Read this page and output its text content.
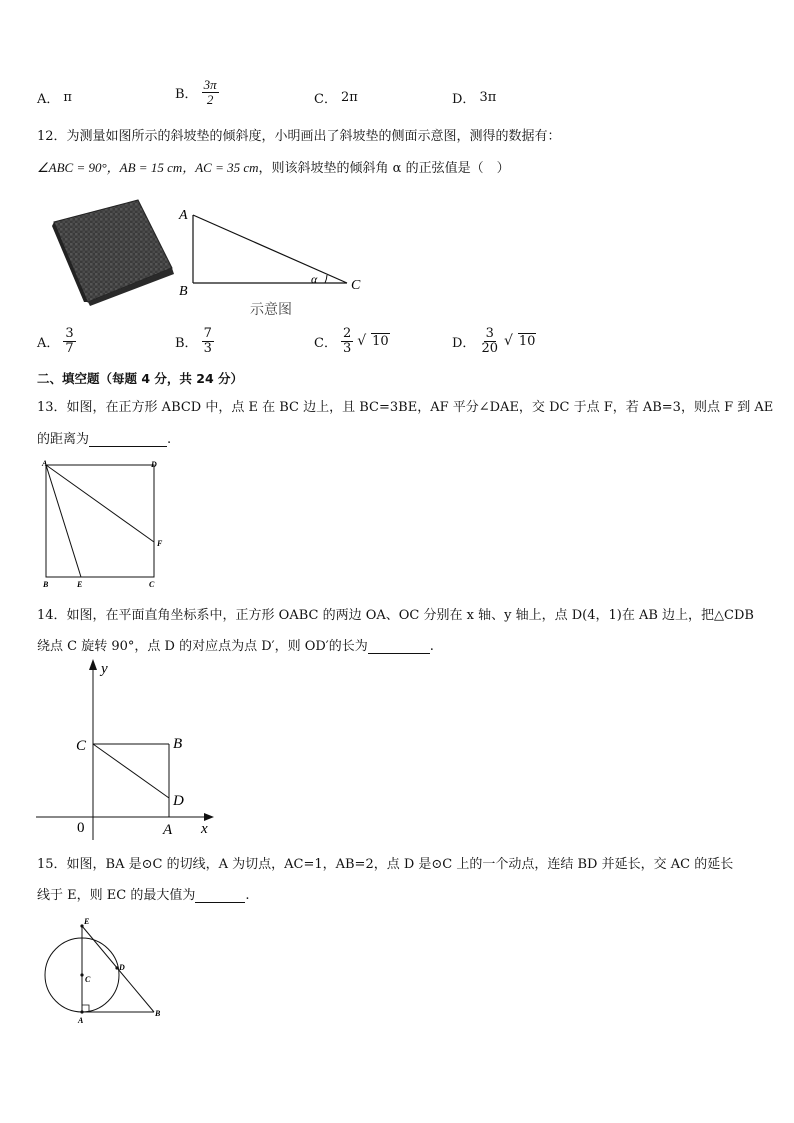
A． π	B． $\frac{3\pi}{2}$	C． 2π	D． 3π
12．为测量如图所示的斜坡垫的倾斜度，小明画出了斜坡垫的侧面示意图，测得的数据有：
∠ABC = 90°，AB = 15 cm，AC = 35 cm，则该斜坡垫的倾斜角 α 的正弦值是（　）
A
B	C
α
示意图
A． $\frac{3}{7}$	B． $\frac{7}{3}$	C． $\frac{2}{3}$ √ 10	D． $\frac{3}{20}$ √ 10
二、填空题（每题 4 分，共 24 分）
13．如图，在正方形 ABCD 中，点 E 在 BC 边上，且 BC=3BE，AF 平分∠DAE，交 DC 于点 F，若 AB=3，则点 F 到 AE
的距离为	.
A	D
F
B	E	C
14．如图，在平面直角坐标系中，正方形 OABC 的两边 OA、OC 分别在 x 轴、y 轴上，点 D(4，1)在 AB 边上，把△CDB
绕点 C 旋转 90°，点 D 的对应点为点 D′，则 OD′的长为	.
y
x
0	A
B
C
D
15．如图，BA 是⊙C 的切线，A 为切点，AC=1，AB=2，点 D 是⊙C 上的一个动点，连结 BD 并延长，交 AC 的延长
线于 E，则 EC 的最大值为	.
E
D
C
A
B
